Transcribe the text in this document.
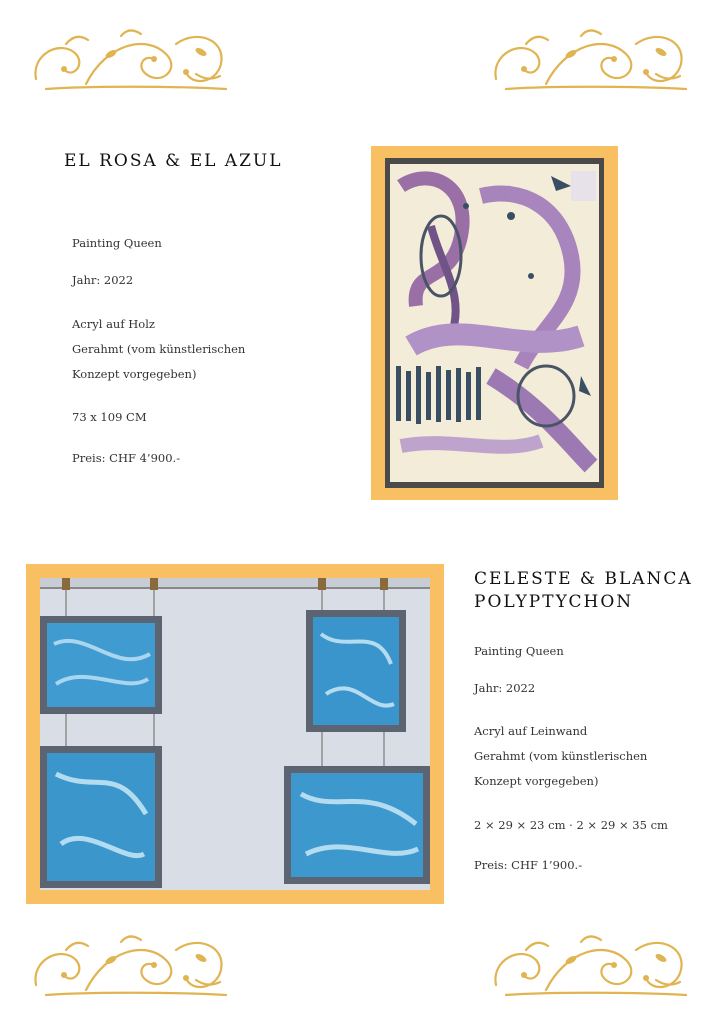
EL ROSA & EL AZUL

Painting Queen

Jahr: 2022

Acryl auf Holz

Gerahmt (vom künstlerischen

Konzept vorgegeben)

73 x 109 CM

Preis: CHF 4’900.-

CELESTE & BLANCA
POLYPTYCHON

Painting Queen

Jahr: 2022

Acryl auf Leinwand

Gerahmt (vom künstlerischen

Konzept vorgegeben)

2 × 29 × 23 cm · 2 × 29 × 35 cm

Preis: CHF 1’900.-
